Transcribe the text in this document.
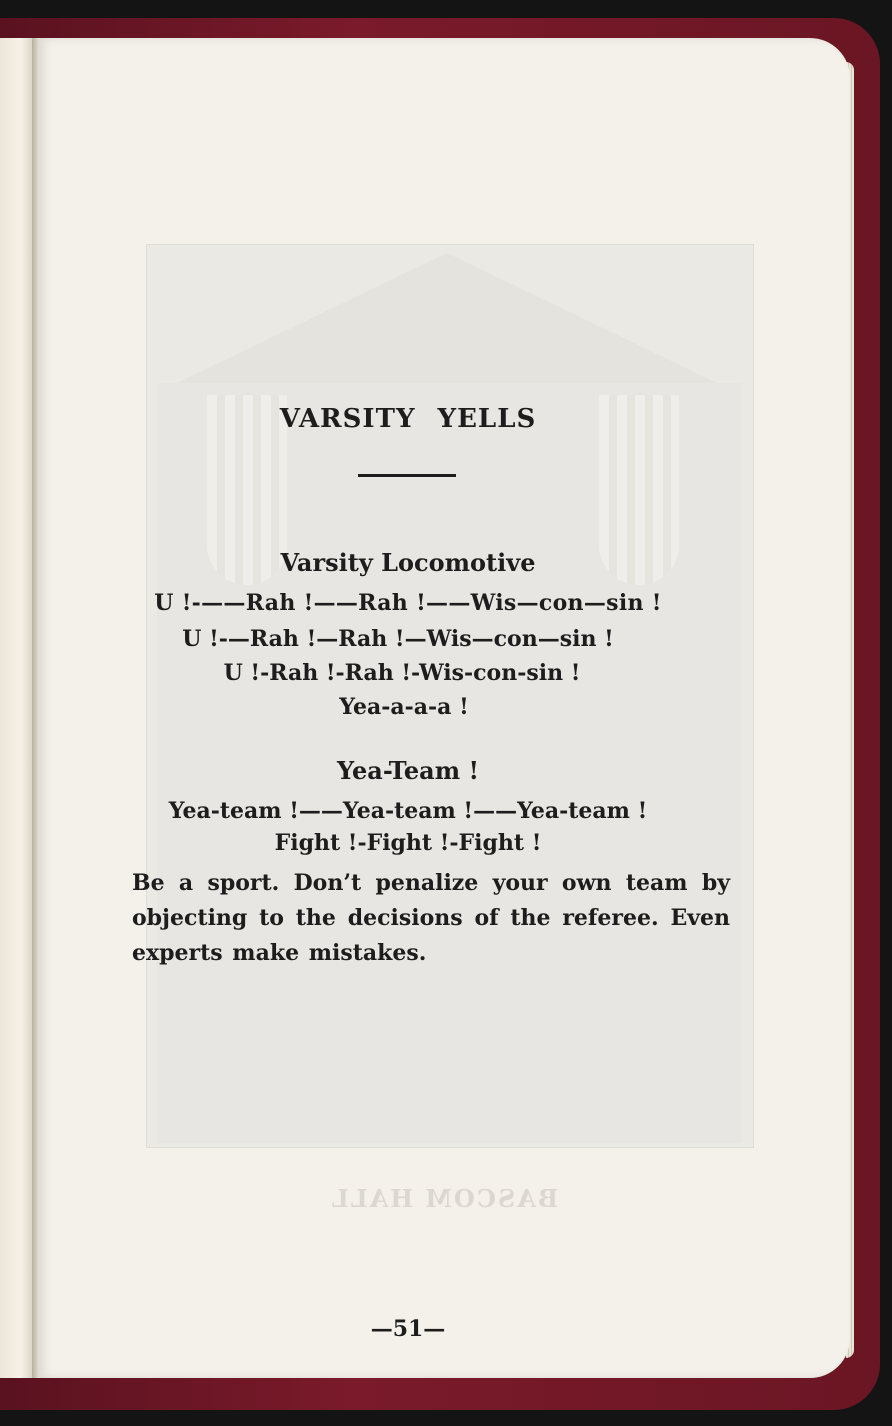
BASCOM HALL
VARSITY YELLS
Varsity Locomotive
U !-——Rah !——Rah !——Wis—con—sin !
U !-—Rah !—Rah !—Wis—con—sin !
U !-Rah !-Rah !-Wis-con-sin !
Yea-a-a-a !
Yea-Team !
Yea-team !——Yea-team !——Yea-team !
Fight !-Fight !-Fight !
Be a sport. Don’t penalize your own team by objecting to the decisions of the referee. Even experts make mistakes.
—51—
